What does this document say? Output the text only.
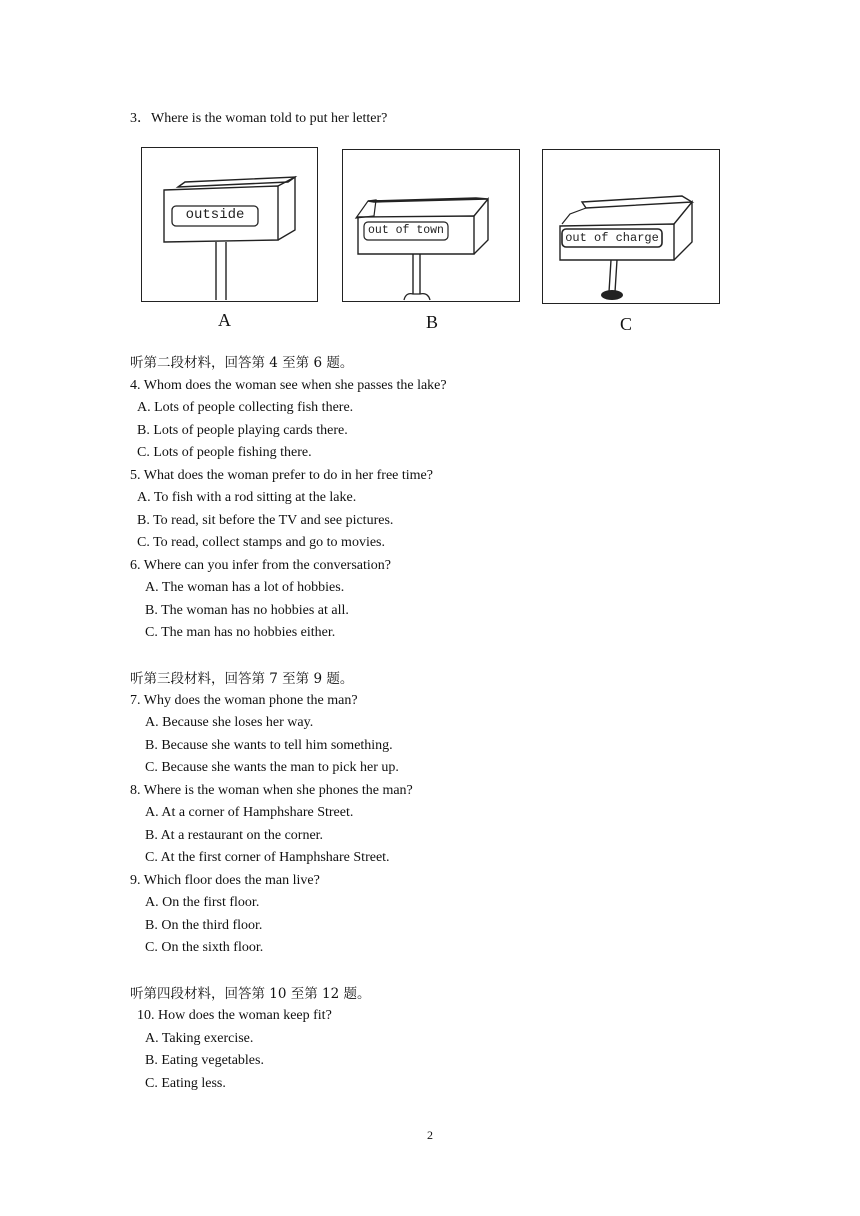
3．Where is the woman told to put her letter?
outside
A
out of town
B
out of charge
C
听第二段材料，回答第 4 至第 6 题。
4. Whom does the woman see when she passes the lake?
A. Lots of people collecting fish there.
B. Lots of people playing cards there.
C. Lots of people fishing there.
5. What does the woman prefer to do in her free time?
A. To fish with a rod sitting at the lake.
B. To read, sit before the TV and see pictures.
C. To read, collect stamps and go to movies.
6. Where can you infer from the conversation?
A. The woman has a lot of hobbies.
B. The woman has no hobbies at all.
C. The man has no hobbies either.
听第三段材料，回答第 7 至第 9 题。
7. Why does the woman phone the man?
A. Because she loses her way.
B. Because she wants to tell him something.
C. Because she wants the man to pick her up.
8. Where is the woman when she phones the man?
A. At a corner of Hamphshare Street.
B. At a restaurant on the corner.
C. At the first corner of Hamphshare Street.
9. Which floor does the man live?
A. On the first floor.
B. On the third floor.
C. On the sixth floor.
听第四段材料，回答第 10 至第 12 题。
10. How does the woman keep fit?
A. Taking exercise.
B. Eating vegetables.
C. Eating less.
2
